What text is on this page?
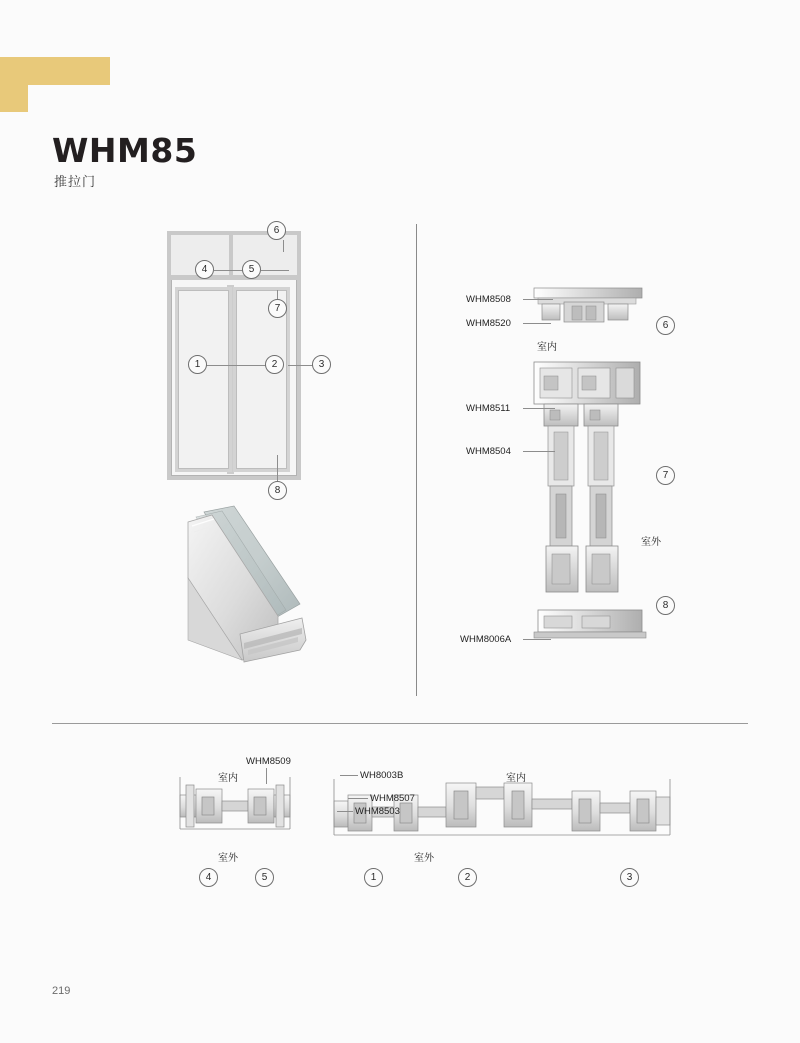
WHM85
推拉门
1	2	3
4	5
6
7
8
WHM8508
WHM8520
WHM8511
WHM8504
WHM8006A
室内
室外
6
7
8
WHM8509
室内
室外
WH8003B
WHM8507
WHM8503
室内
室外
4	5	1	2	3
219
